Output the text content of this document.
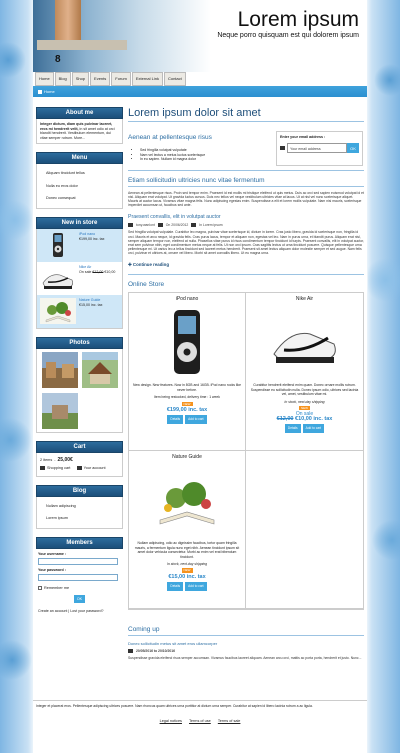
8
Lorem ipsum
Neque porro quisquam est qui dolorem ipsum
Home	Blog	Shop	Events	Forum	External Link	Contact
Home
About me
Integer dictum, diam quis pulvinar laoreet, eros mi hendrerit velit, in sit amet odio at orci blandit hendrerit. Vestibulum elementum, dui vitae semper rutrum. More...
Menu
Aliquam tincidunt tellus
Nulla eu eros dolor
Donec consequat
New in store
iPod nano
€199,00 inc. tax
Nike Air
On sale €12,00 €10,00
Nature Guide
€15,00 inc. tax
Photos
Cart
2 items - 25,00€
Shopping cart
	Your account
Blog
Nullam adipiscing
Lorem ipsum
Members
Your username :
Your password :
Remember me
OK
Create an account | Lost your password?
Lorem ipsum dolor sit amet
Enter your email address :
Your email address	OK
Aenean at pellentesque risus
• Sed fringilla volutpat vulputate
• Nam vel lectus a metus luctus scelerisque
• In eu sapien. Nullam id magna dolor
Etiam sollicitudin ultricies nunc vitae fermentum
Aenean at pellentesque risus. Proin sed tempor enim. Praesent id est mollis mi tristique eleifend ut quis metus. Duis ac orci sed sapien euismod volutpat id et nisl. Aliquam erat volutpat. Ut gravida luctus cursus. Duis nec tellus vel neque vestibulum ultricies vitae at lacus. Ut at nisl vel nunc scelerisque aliquet. Mauris at auctor lacus. Vivamus vitae magna felis. Nunc adipiscing egestas enim. Suspendisse a elit et lorem mollis vulputate. Nam nisi mauris, scelerisque imperdiet accumsan ut, faucibus sed ante.
Praesent convallis, elit in volutpat auctor
tony.wanlont	On 20/06/2012	In Lorem ipsum
Sed fringilla volutpat vulputate. Curabitur leo magna, pulvinar vitae scelerisque id, dictum in lorem. Cras justo libero, gravida id scelerisque non, fringilla id orci. Mauris et arcu neque, id gravida felis. Cras purus lacus, tempor et aliquam non, egestas vel leo. Nam in purus urna, et blandit purus. Aliquam erat nisl, semper aliquam tempor non, eleifend at nulla. Phasellus vitae purus id risus condimentum tempor tincidunt id turpis. Praesent convallis, elit in volutpat auctor, erat sem pulvinar nibh, eget condimentum metus neque at felis. Ut non orci ipsum. Cras sagittis lectus ut urna tincidunt posuere. Quisque pellentesque urna pellentesque mi. Ut varius leo a tellus tincidunt sed laoreet metus hendrerit. Praesent sit amet lectus aliquam dolor molestie semper et sed augue. Nam felis orci, pulvinar et ultrices at, ornare vel libero. Morbi sit amet convallis libero. Ut eu magna urna.
✚ Continue reading
Online Store
iPod nano
New design. New features. Now in 8GB and 16GB. iPod nano rocks like never before.
Item being restocked, delivery time : 1 week
NEW
€199,00 inc. tax
Details	Add to cart
Nike Air
Curabitur hendrerit eleifend enim quam. Donec ornare mollis rutrum. Suspendisse eu sollicitudin nulla. Donec ipsum odio, ultrices sed lacinia vel, amet, vestibulum vitae mi.
In stock, next-day shipping
NEW
On sale
€12,00 €10,00 inc. tax
Details	Add to cart
Nature Guide
Nullam adipiscing, odio ac dignissim faucibus, tortor quam fringilla mauris, a fermentum ligula nunc eget nibh. Aenean tincidunt ipsum sit amet dolor vehicula consectetur. Morbi ac enim vel erat bibendum tincidunt.
In stock, next-day shipping
NEW
€15,00 inc. tax
Details	Add to cart
Coming up
Donec sollicitudin metus sit amet eros ullamcorper
20/05/2016 to 20/10/2016
Suspendisse gravida eleifend risus semper accumsan. Vivamus faucibus laoreet aliquam. Aenean arcu orci, mattis ac porta porta, hendrerit et justo. Nunc...
Integer et placerat eros. Pellentesque adipiscing ultrices posuere. Nam rhoncus quam ultrices urna porttitor at dictum urna semper. Curabitur at sapien id libero lacinia rutrum a ac ligula.
Legal notices Terms of use Terms of sale
